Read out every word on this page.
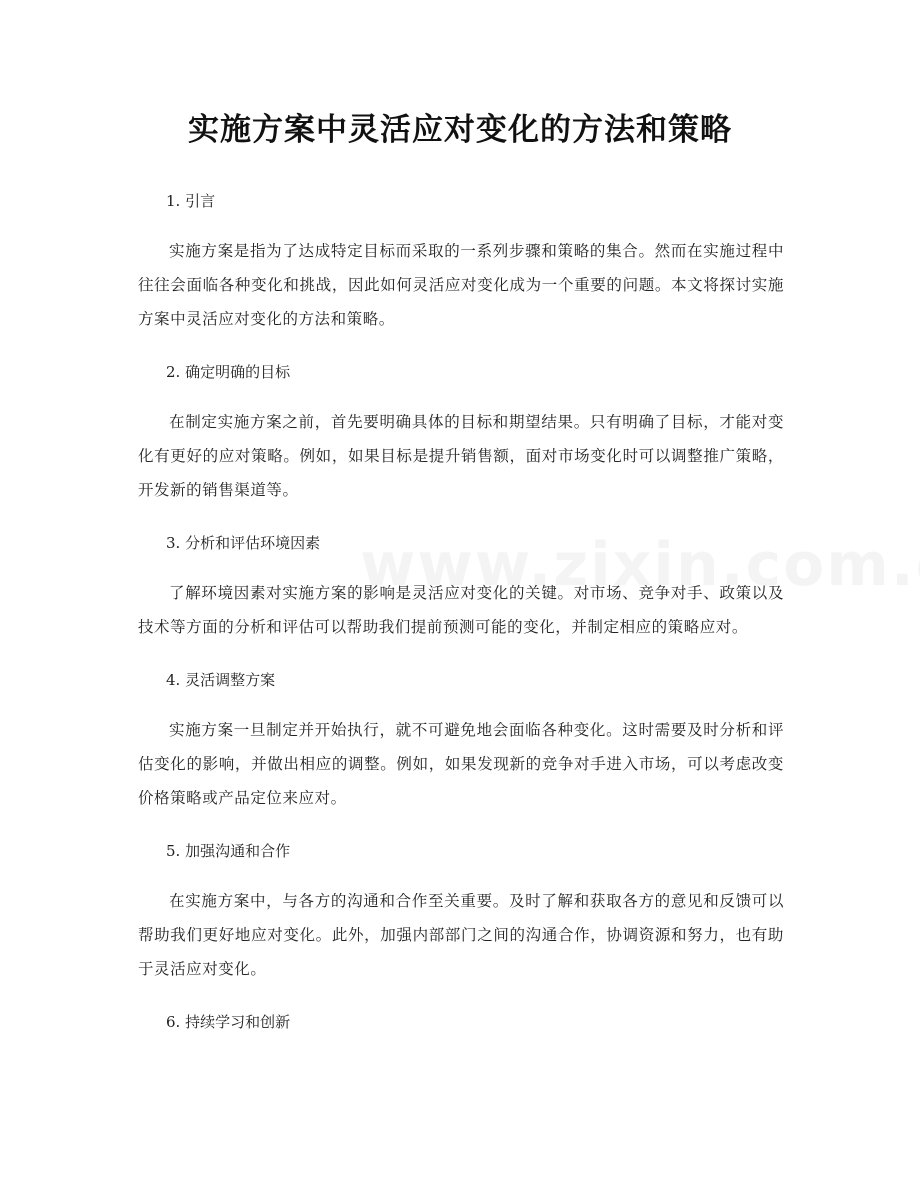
实施方案中灵活应对变化的方法和策略
1. 引言

实施方案是指为了达成特定目标而采取的一系列步骤和策略的集合。然而在实施过程中往往会面临各种变化和挑战，因此如何灵活应对变化成为一个重要的问题。本文将探讨实施方案中灵活应对变化的方法和策略。

2. 确定明确的目标

在制定实施方案之前，首先要明确具体的目标和期望结果。只有明确了目标，才能对变化有更好的应对策略。例如，如果目标是提升销售额，面对市场变化时可以调整推广策略，开发新的销售渠道等。

3. 分析和评估环境因素

了解环境因素对实施方案的影响是灵活应对变化的关键。对市场、竞争对手、政策以及技术等方面的分析和评估可以帮助我们提前预测可能的变化，并制定相应的策略应对。

4. 灵活调整方案

实施方案一旦制定并开始执行，就不可避免地会面临各种变化。这时需要及时分析和评估变化的影响，并做出相应的调整。例如，如果发现新的竞争对手进入市场，可以考虑改变价格策略或产品定位来应对。

5. 加强沟通和合作

在实施方案中，与各方的沟通和合作至关重要。及时了解和获取各方的意见和反馈可以帮助我们更好地应对变化。此外，加强内部部门之间的沟通合作，协调资源和努力，也有助于灵活应对变化。

6. 持续学习和创新
